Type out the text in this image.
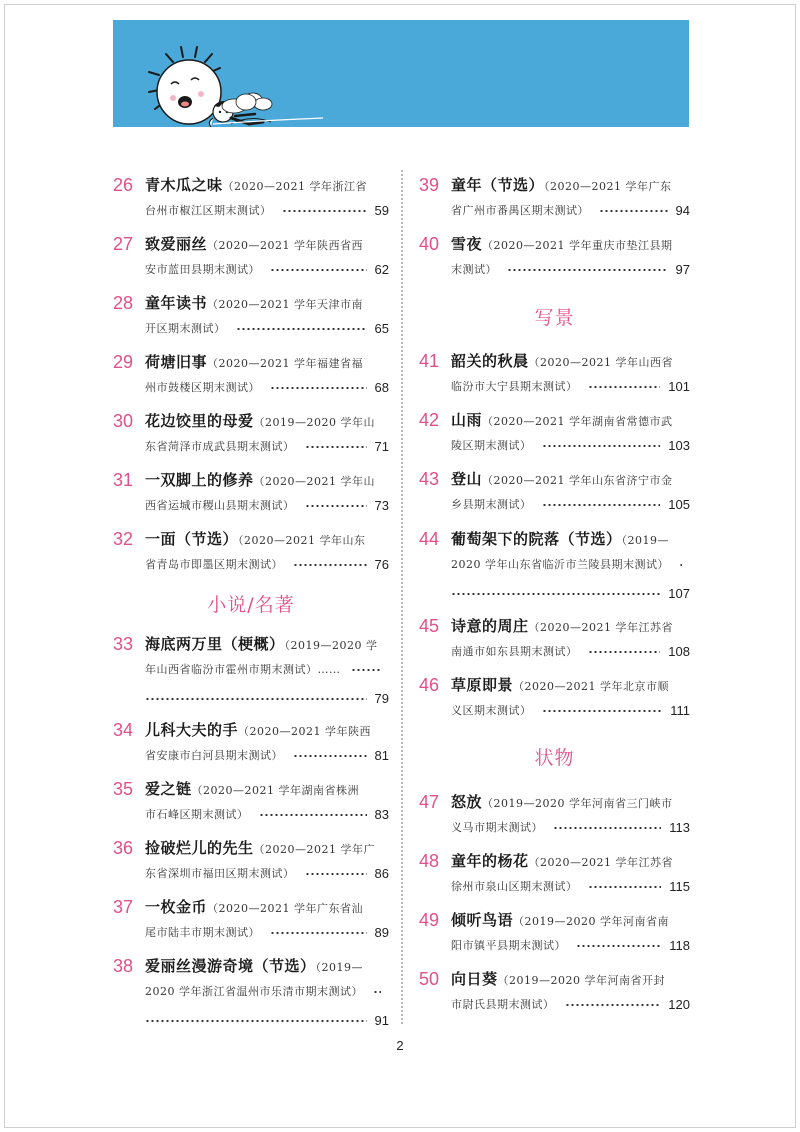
26 青木瓜之味（2020—2021 学年浙江省
台州市椒江区期末测试）	59
27 致爱丽丝（2020—2021 学年陕西省西
安市蓝田县期末测试）	62
28 童年读书（2020—2021 学年天津市南
开区期末测试）	65
29 荷塘旧事（2020—2021 学年福建省福
州市鼓楼区期末测试）	68
30 花边饺里的母爱（2019—2020 学年山
东省菏泽市成武县期末测试）	71
31 一双脚上的修养（2020—2021 学年山
西省运城市稷山县期末测试）	73
32 一面（节选）（2020—2021 学年山东
省青岛市即墨区期末测试）	76
小说/名著
33 海底两万里（梗概）（2019—2020 学
年山西省临汾市霍州市期末测试）……
79
34 儿科大夫的手（2020—2021 学年陕西
省安康市白河县期末测试）	81
35 爱之链（2020—2021 学年湖南省株洲
市石峰区期末测试）	83
36 捡破烂儿的先生（2020—2021 学年广
东省深圳市福田区期末测试）	86
37 一枚金币（2020—2021 学年广东省汕
尾市陆丰市期末测试）	89
38 爱丽丝漫游奇境（节选）（2019—
2020 学年浙江省温州市乐清市期末测试）
91
39 童年（节选）（2020—2021 学年广东
省广州市番禺区期末测试）	94
40 雪夜（2020—2021 学年重庆市垫江县期
末测试）	97
写景
41 韶关的秋晨（2020—2021 学年山西省
临汾市大宁县期末测试）	101
42 山雨（2020—2021 学年湖南省常德市武
陵区期末测试）	103
43 登山（2020—2021 学年山东省济宁市金
乡县期末测试）	105
44 葡萄架下的院落（节选）（2019—
2020 学年山东省临沂市兰陵县期末测试）
107
45 诗意的周庄（2020—2021 学年江苏省
南通市如东县期末测试）	108
46 草原即景（2020—2021 学年北京市顺
义区期末测试）	111
状物
47 怒放（2019—2020 学年河南省三门峡市
义马市期末测试）	113
48 童年的杨花（2020—2021 学年江苏省
徐州市泉山区期末测试）	115
49 倾听鸟语（2019—2020 学年河南省南
阳市镇平县期末测试）	118
50 向日葵（2019—2020 学年河南省开封
市尉氏县期末测试）	120
2
